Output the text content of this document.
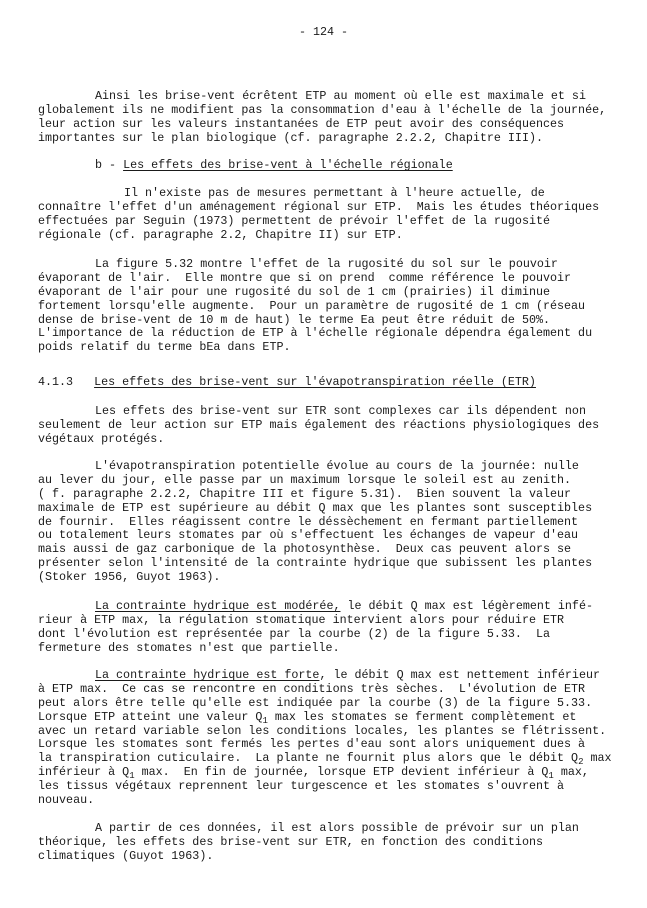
- 124 -
Ainsi les brise-vent écrêtent ETP au moment où elle est maximale et si
globalement ils ne modifient pas la consommation d'eau à l'échelle de la journée,
leur action sur les valeurs instantanées de ETP peut avoir des conséquences
importantes sur le plan biologique (cf. paragraphe 2.2.2, Chapitre III).
b - Les effets des brise-vent à l'échelle régionale
Il n'existe pas de mesures permettant à l'heure actuelle, de
connaître l'effet d'un aménagement régional sur ETP.  Mais les études théoriques
effectuées par Seguin (1973) permettent de prévoir l'effet de la rugosité
régionale (cf. paragraphe 2.2, Chapitre II) sur ETP.
La figure 5.32 montre l'effet de la rugosité du sol sur le pouvoir
évaporant de l'air.  Elle montre que si on prend  comme référence le pouvoir
évaporant de l'air pour une rugosité du sol de 1 cm (prairies) il diminue
fortement lorsqu'elle augmente.  Pour un paramètre de rugosité de 1 cm (réseau
dense de brise-vent de 10 m de haut) le terme Ea peut être réduit de 50%.
L'importance de la réduction de ETP à l'échelle régionale dépendra également du
poids relatif du terme bEa dans ETP.
4.1.3 Les effets des brise-vent sur l'évapotranspiration réelle (ETR)
Les effets des brise-vent sur ETR sont complexes car ils dépendent non
seulement de leur action sur ETP mais également des réactions physiologiques des
végétaux protégés.
L'évapotranspiration potentielle évolue au cours de la journée: nulle
au lever du jour, elle passe par un maximum lorsque le soleil est au zenith.
( f. paragraphe 2.2.2, Chapitre III et figure 5.31).  Bien souvent la valeur
maximale de ETP est supérieure au débit Q max que les plantes sont susceptibles
de fournir.  Elles réagissent contre le déssèchement en fermant partiellement
ou totalement leurs stomates par où s'effectuent les échanges de vapeur d'eau
mais aussi de gaz carbonique de la photosynthèse.  Deux cas peuvent alors se
présenter selon l'intensité de la contrainte hydrique que subissent les plantes
(Stoker 1956, Guyot 1963).
La contrainte hydrique est modérée, le débit Q max est légèrement infé-
rieur à ETP max, la régulation stomatique intervient alors pour réduire ETR
dont l'évolution est représentée par la courbe (2) de la figure 5.33.  La
fermeture des stomates n'est que partielle.
La contrainte hydrique est forte, le débit Q max est nettement inférieur
à ETP max.  Ce cas se rencontre en conditions très sèches.  L'évolution de ETR
peut alors être telle qu'elle est indiquée par la courbe (3) de la figure 5.33.
Lorsque ETP atteint une valeur $Q_1$ max les stomates se ferment complètement et
avec un retard variable selon les conditions locales, les plantes se flétrissent.
Lorsque les stomates sont fermés les pertes d'eau sont alors uniquement dues à
la transpiration cuticulaire.  La plante ne fournit plus alors que le débit $Q_2$ max
inférieur à $Q_1$ max.  En fin de journée, lorsque ETP devient inférieur à $Q_1$ max,
les tissus végétaux reprennent leur turgescence et les stomates s'ouvrent à
nouveau.
A partir de ces données, il est alors possible de prévoir sur un plan
théorique, les effets des brise-vent sur ETR, en fonction des conditions
climatiques (Guyot 1963).
